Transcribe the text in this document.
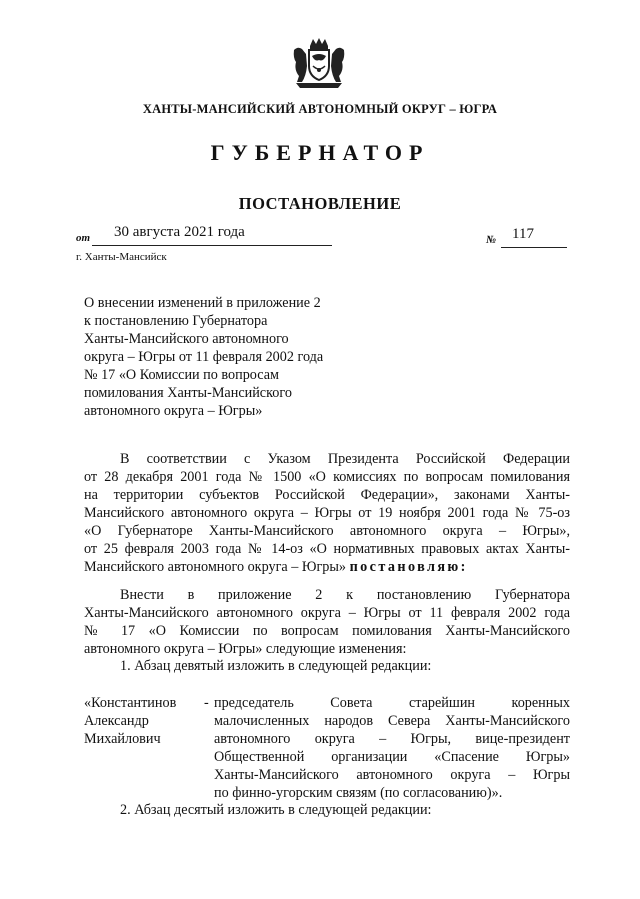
ХАНТЫ-МАНСИЙСКИЙ АВТОНОМНЫЙ ОКРУГ – ЮГРА
ГУБЕРНАТОР
ПОСТАНОВЛЕНИЕ
от 30 августа 2021 года	№ 117
г. Ханты-Мансийск
О внесении изменений в приложение 2
к постановлению Губернатора
Ханты-Мансийского автономного
округа – Югры от 11 февраля 2002 года
№ 17 «О Комиссии по вопросам
помилования Ханты-Мансийского
автономного округа – Югры»
В соответствии с Указом Президента Российской Федерации
от 28 декабря 2001 года № 1500 «О комиссиях по вопросам помилования
на территории субъектов Российской Федерации», законами Ханты-
Мансийского автономного округа – Югры от 19 ноября 2001 года № 75-оз
«О Губернаторе Ханты-Мансийского автономного округа – Югры»,
от 25 февраля 2003 года № 14-оз «О нормативных правовых актах Ханты-
Мансийского автономного округа – Югры» постановляю:
Внести в приложение 2 к постановлению Губернатора
Ханты-Мансийского автономного округа – Югры от 11 февраля 2002 года
№ 17 «О Комиссии по вопросам помилования Ханты-Мансийского
автономного округа – Югры» следующие изменения:
1. Абзац девятый изложить в следующей редакции:
«Константинов
Александр
Михайлович
- председатель Совета старейшин коренных
малочисленных народов Севера Ханты-Мансийского
автономного округа – Югры, вице-президент
Общественной организации «Спасение Югры»
Ханты-Мансийского автономного округа – Югры
по финно-угорским связям (по согласованию)».
2. Абзац десятый изложить в следующей редакции:
